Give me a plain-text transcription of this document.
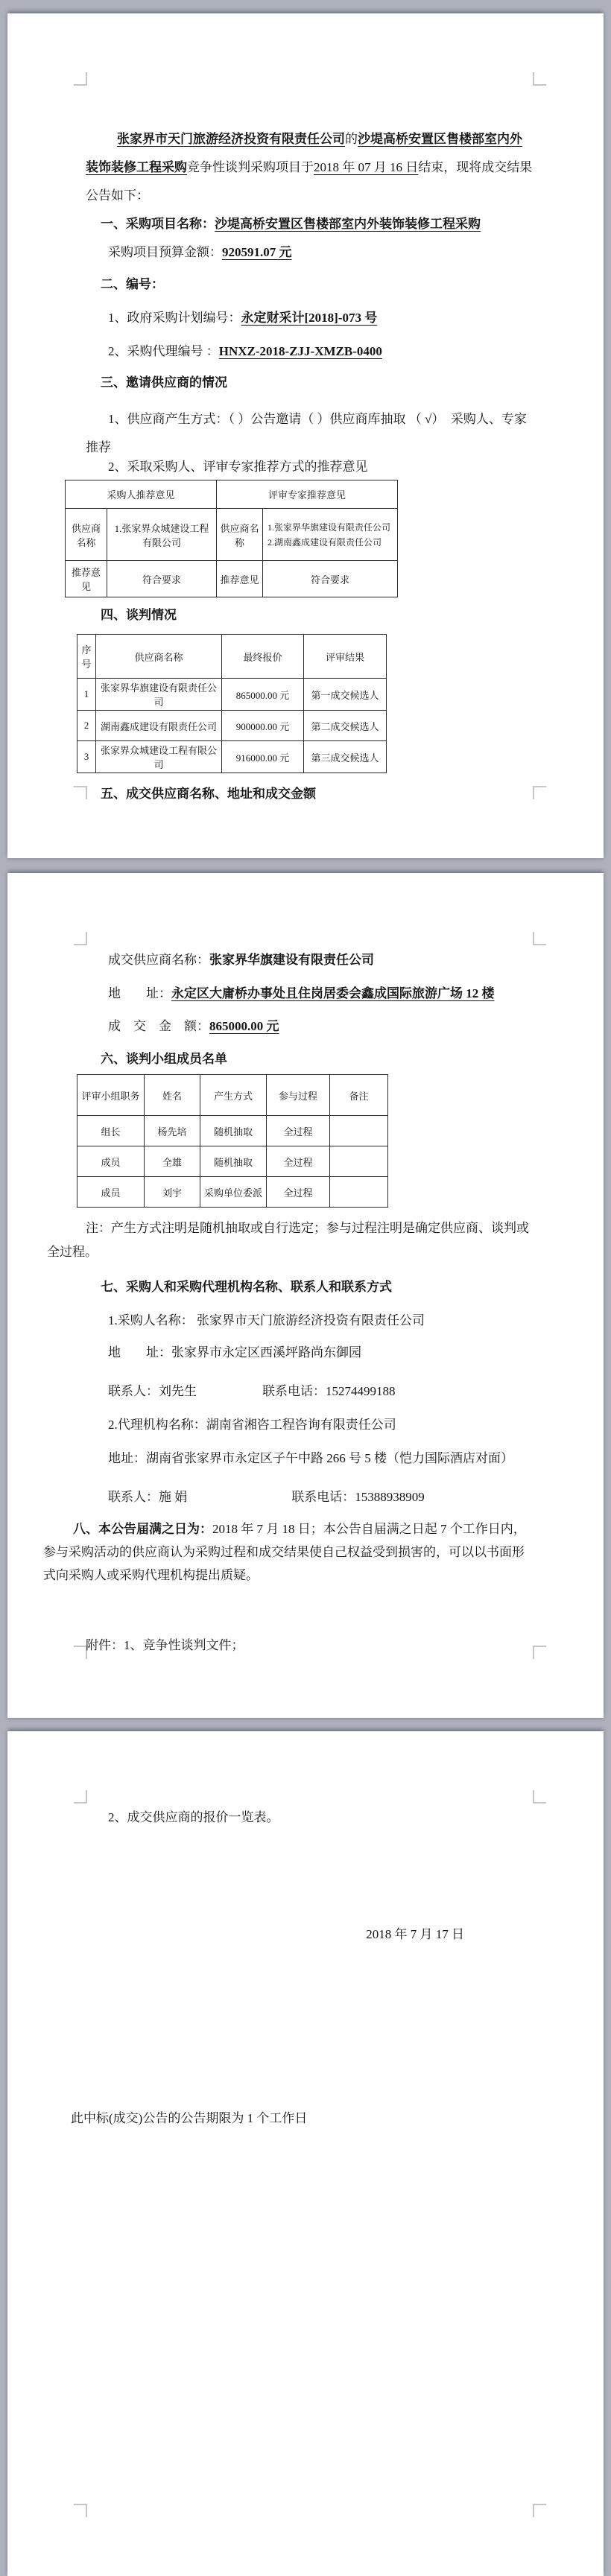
张家界市天门旅游经济投资有限责任公司的沙堤高桥安置区售楼部室内外装饰装修工程采购竞争性谈判采购项目于2018 年 07 月 16 日结束，现将成交结果公告如下：

一、采购项目名称：沙堤高桥安置区售楼部室内外装饰装修工程采购

采购项目预算金额：920591.07 元

二、编号：

1、政府采购计划编号：永定财采计[2018]-073 号

2、采购代理编号 ：HNXZ-2018-ZJJ-XMZB-0400

三、邀请供应商的情况

1、供应商产生方式：（ ）公告邀请（ ）供应商库抽取 （ √）　采购人、专家推荐

2、采取采购人、评审专家推荐方式的推荐意见

采购人推荐意见		评审专家推荐意见	
供应商名称	1.张家界众城建设工程有限公司	供应商名称	1.张家界华旗建设有限责任公司
2.湖南鑫成建设有限责任公司

推荐意见	符合要求	推荐意见	符合要求

四、谈判情况

序号	供应商名称	最终报价	评审结果
1	张家界华旗建设有限责任公司	865000.00 元	第一成交候选人
2	湖南鑫成建设有限责任公司	900000.00 元	第二成交候选人
3	张家界众城建设工程有限公司	916000.00 元	第三成交候选人

五、成交供应商名称、地址和成交金额

成交供应商名称：张家界华旗建设有限责任公司

地　　址：永定区大庸桥办事处且住岗居委会鑫成国际旅游广场 12 楼

成　交　金　额：865000.00 元

六、谈判小组成员名单

评审小组职务	姓名	产生方式	参与过程	备注
组长	杨先培	随机抽取	全过程	
成员	全雄	随机抽取	全过程	
成员	刘宇	采购单位委派	全过程	

注：产生方式注明是随机抽取或自行选定；参与过程注明是确定供应商、谈判或全过程。

七、采购人和采购代理机构名称、联系人和联系方式

1.采购人名称： 张家界市天门旅游经济投资有限责任公司

地　　址：张家界市永定区西溪坪路尚东御园

联系人：刘先生	联系电话：15274499188

2.代理机构名称：湖南省湘咨工程咨询有限责任公司

地址：湖南省张家界市永定区子午中路 266 号 5 楼（恺力国际酒店对面）

联系人：施 娟	联系电话：15388938909

八、本公告届满之日为：2018 年 7 月 18 日；本公告自届满之日起 7 个工作日内，参与采购活动的供应商认为采购过程和成交结果使自己权益受到损害的，可以以书面形式向采购人或采购代理机构提出质疑。

附件：1、竞争性谈判文件；

2、成交供应商的报价一览表。

2018 年 7 月 17 日

此中标(成交)公告的公告期限为 1 个工作日
